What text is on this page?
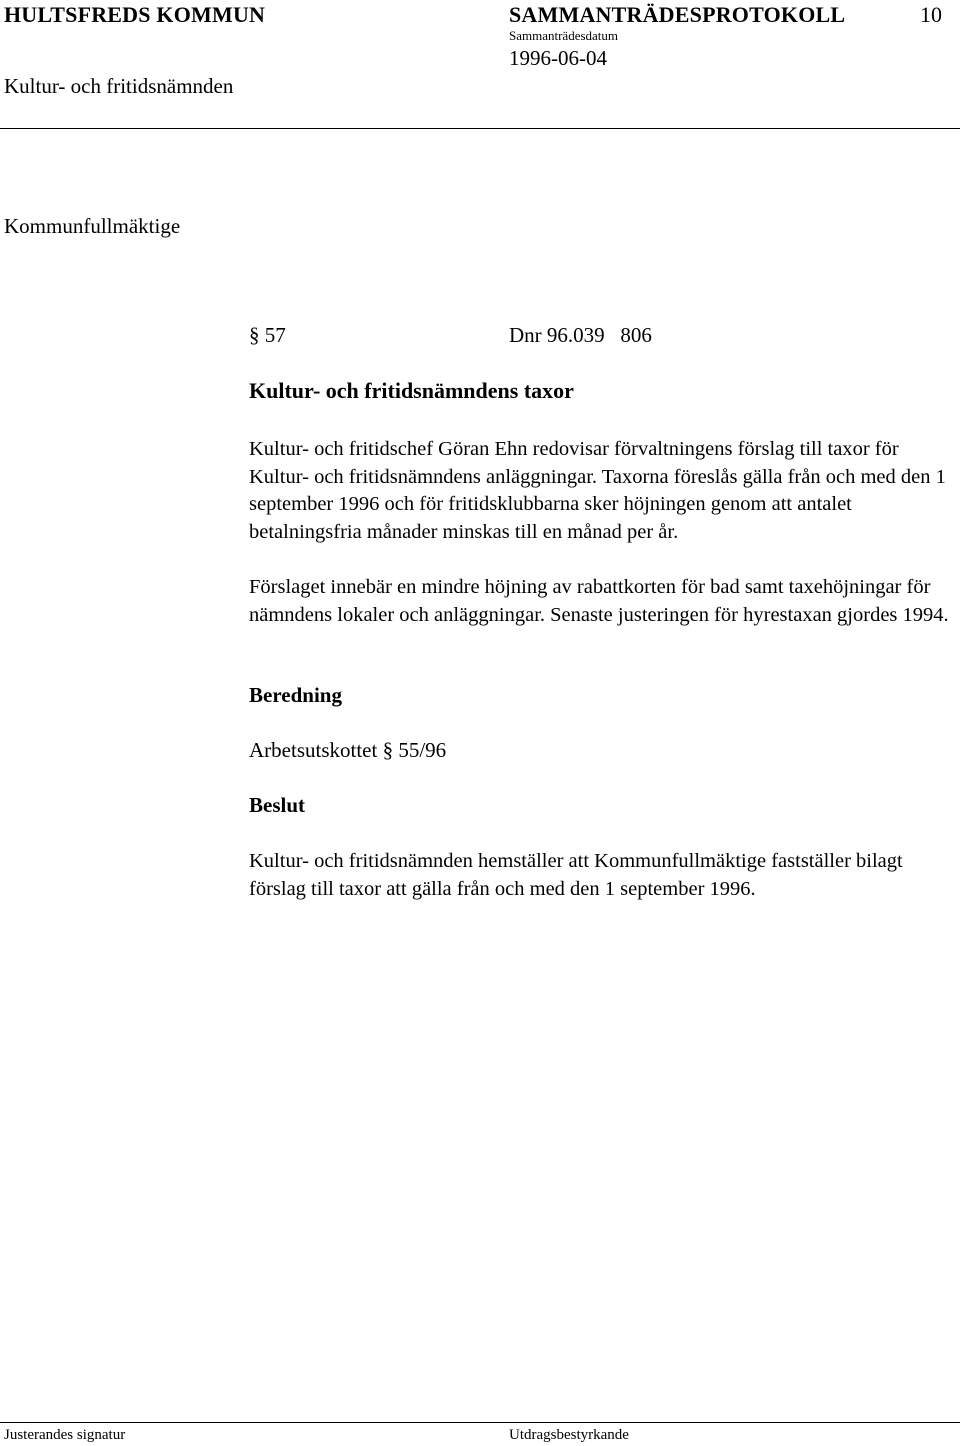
HULTSFREDS KOMMUN	SAMMANTRÄDESPROTOKOLL	10
Sammanträdesdatum
1996-06-04
Kultur- och fritidsnämnden
Kommunfullmäktige
§ 57	Dnr 96.039   806
Kultur- och fritidsnämndens taxor
Kultur- och fritidschef Göran Ehn redovisar förvaltningens förslag till taxor för Kultur- och fritidsnämndens anläggningar. Taxorna föreslås gälla från och med den 1 september 1996 och för fritidsklubbarna sker höjningen genom att antalet betalningsfria månader minskas till en månad per år.
Förslaget innebär en mindre höjning av rabattkorten för bad samt taxehöjningar för nämndens lokaler och anläggningar. Senaste justeringen för hyrestaxan gjordes 1994.
Beredning
Arbetsutskottet § 55/96
Beslut
Kultur- och fritidsnämnden hemställer att Kommunfullmäktige fastställer bilagt förslag till taxor att gälla från och med den 1 september 1996.
Justerandes signatur	Utdragsbestyrkande
